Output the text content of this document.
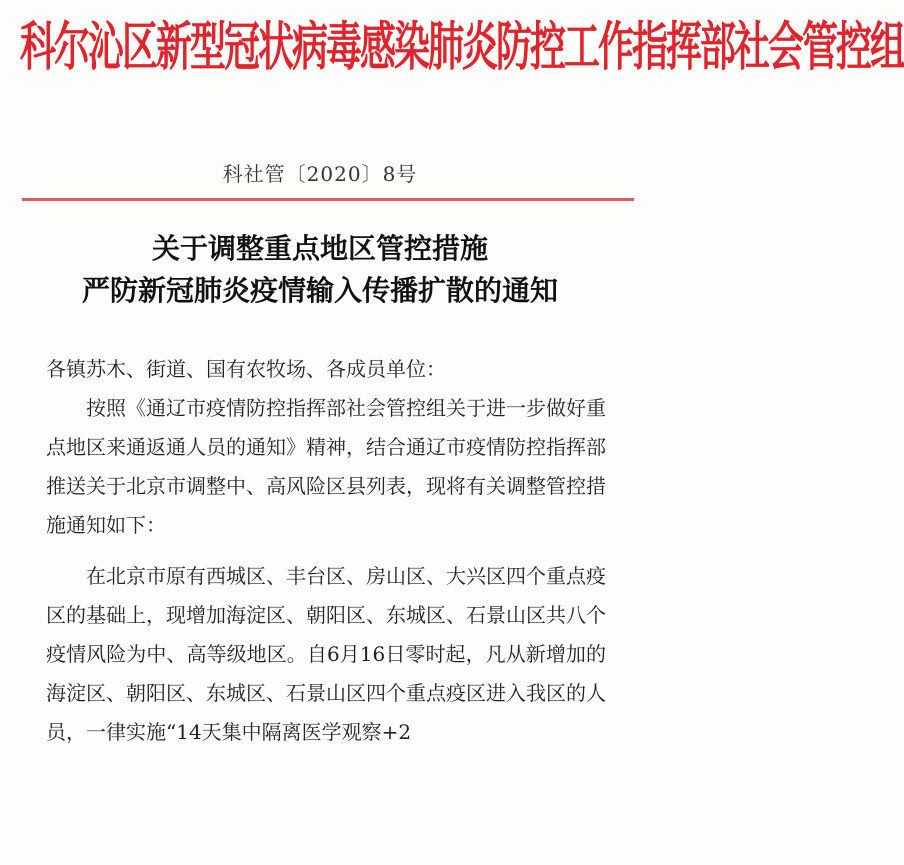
科尔沁区新型冠状病毒感染肺炎防控工作指挥部社会管控组
科社管〔2020〕8号
关于调整重点地区管控措施
严防新冠肺炎疫情输入传播扩散的通知

各镇苏木、街道、国有农牧场、各成员单位：

按照《通辽市疫情防控指挥部社会管控组关于进一步做好重点地区来通返通人员的通知》精神，结合通辽市疫情防控指挥部推送关于北京市调整中、高风险区县列表，现将有关调整管控措施通知如下：

在北京市原有西城区、丰台区、房山区、大兴区四个重点疫区的基础上，现增加海淀区、朝阳区、东城区、石景山区共八个疫情风险为中、高等级地区。自6月16日零时起，凡从新增加的海淀区、朝阳区、东城区、石景山区四个重点疫区进入我区的人员，一律实施“14天集中隔离医学观察+2
